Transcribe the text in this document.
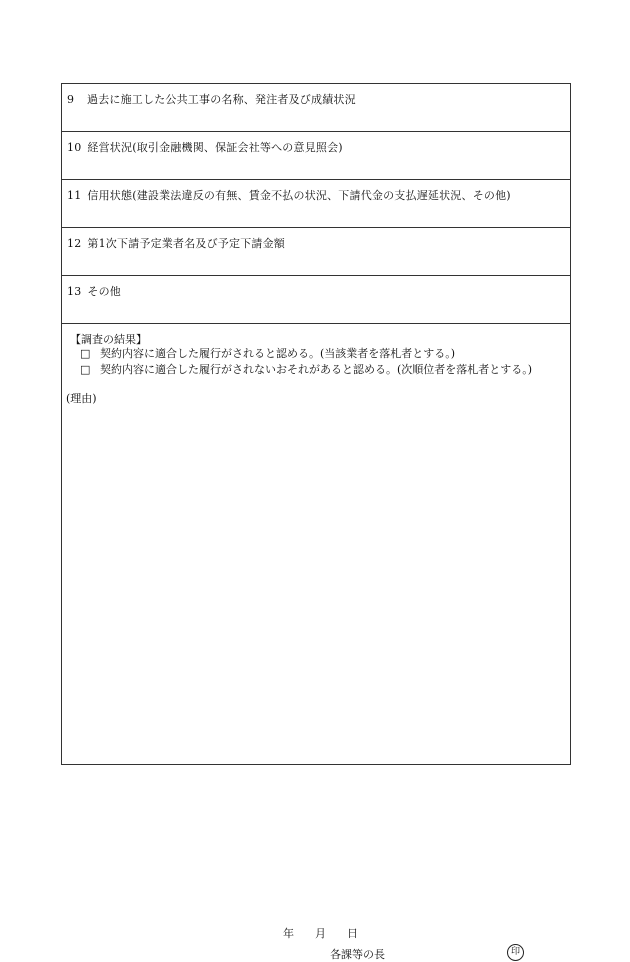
9 過去に施工した公共工事の名称、発注者及び成績状況
10 経営状況(取引金融機関、保証会社等への意見照会)
11 信用状態(建設業法違反の有無、賃金不払の状況、下請代金の支払遅延状況、その他)
12 第1次下請予定業者名及び予定下請金額
13 その他
【調査の結果】
□ 契約内容に適合した履行がされると認める。(当該業者を落札者とする。)
□ 契約内容に適合した履行がされないおそれがあると認める。(次順位者を落札者とする。)
(理由)
年 月 日
各課等の長	印
